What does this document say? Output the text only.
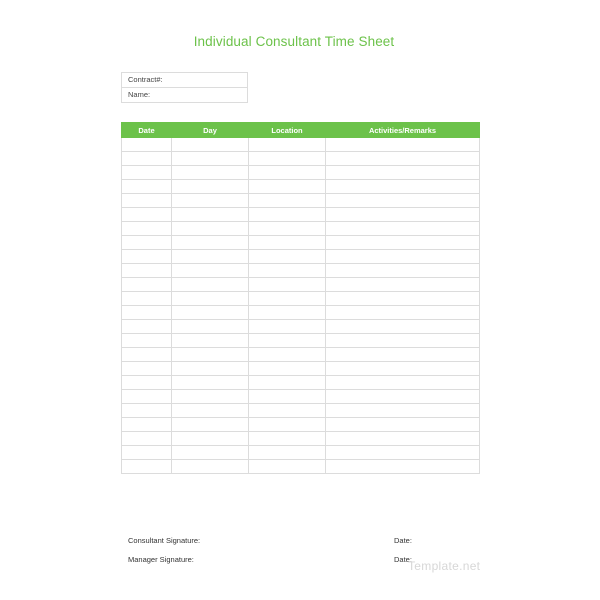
Individual Consultant Time Sheet
Contract#:
Name:
Date	Day	Location	Activities/Remarks

Consultant Signature:	Date:
Manager Signature:	Date:
Template.net
